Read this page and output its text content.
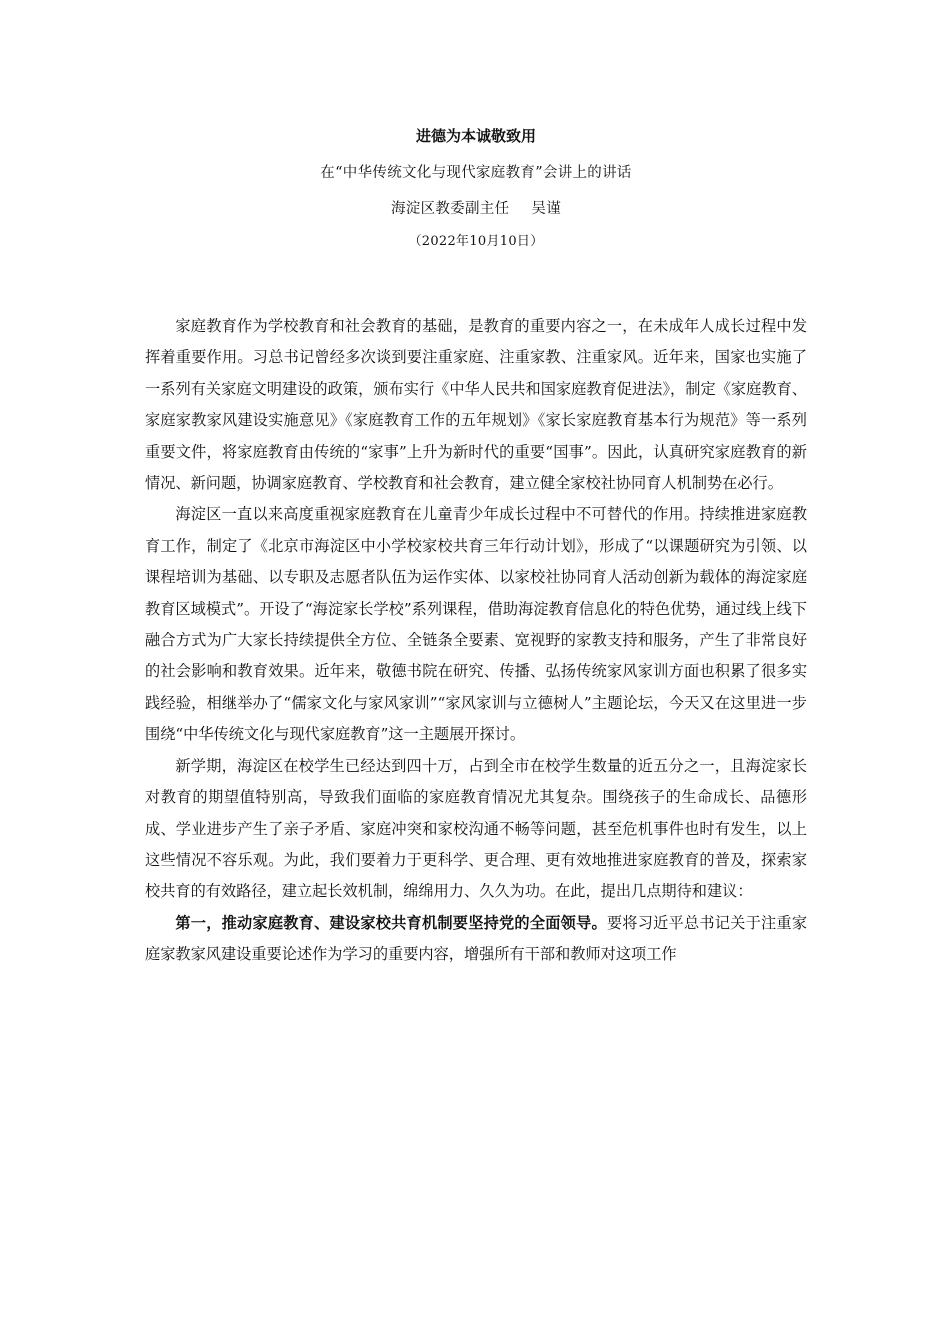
进德为本诚敬致用

在“中华传统文化与现代家庭教育”会讲上的讲话

海淀区教委副主任 吴谨

（2022年10月10日）

家庭教育作为学校教育和社会教育的基础，是教育的重要内容之一，在未成年人成长过程中发挥着重要作用。习总书记曾经多次谈到要注重家庭、注重家教、注重家风。近年来，国家也实施了一系列有关家庭文明建设的政策，颁布实行《中华人民共和国家庭教育促进法》，制定《家庭教育、家庭家教家风建设实施意见》《家庭教育工作的五年规划》《家长家庭教育基本行为规范》等一系列重要文件，将家庭教育由传统的“家事”上升为新时代的重要“国事”。因此，认真研究家庭教育的新情况、新问题，协调家庭教育、学校教育和社会教育，建立健全家校社协同育人机制势在必行。

海淀区一直以来高度重视家庭教育在儿童青少年成长过程中不可替代的作用。持续推进家庭教育工作，制定了《北京市海淀区中小学校家校共育三年行动计划》，形成了“以课题研究为引领、以课程培训为基础、以专职及志愿者队伍为运作实体、以家校社协同育人活动创新为载体的海淀家庭教育区域模式”。开设了“海淀家长学校”系列课程，借助海淀教育信息化的特色优势，通过线上线下融合方式为广大家长持续提供全方位、全链条全要素、宽视野的家教支持和服务，产生了非常良好的社会影响和教育效果。近年来，敬德书院在研究、传播、弘扬传统家风家训方面也积累了很多实践经验，相继举办了“儒家文化与家风家训”“家风家训与立德树人”主题论坛，今天又在这里进一步围绕“中华传统文化与现代家庭教育”这一主题展开探讨。

新学期，海淀区在校学生已经达到四十万，占到全市在校学生数量的近五分之一，且海淀家长对教育的期望值特别高，导致我们面临的家庭教育情况尤其复杂。围绕孩子的生命成长、品德形成、学业进步产生了亲子矛盾、家庭冲突和家校沟通不畅等问题，甚至危机事件也时有发生，以上这些情况不容乐观。为此，我们要着力于更科学、更合理、更有效地推进家庭教育的普及，探索家校共育的有效路径，建立起长效机制，绵绵用力、久久为功。在此，提出几点期待和建议：

第一，推动家庭教育、建设家校共育机制要坚持党的全面领导。要将习近平总书记关于注重家庭家教家风建设重要论述作为学习的重要内容，增强所有干部和教师对这项工作
